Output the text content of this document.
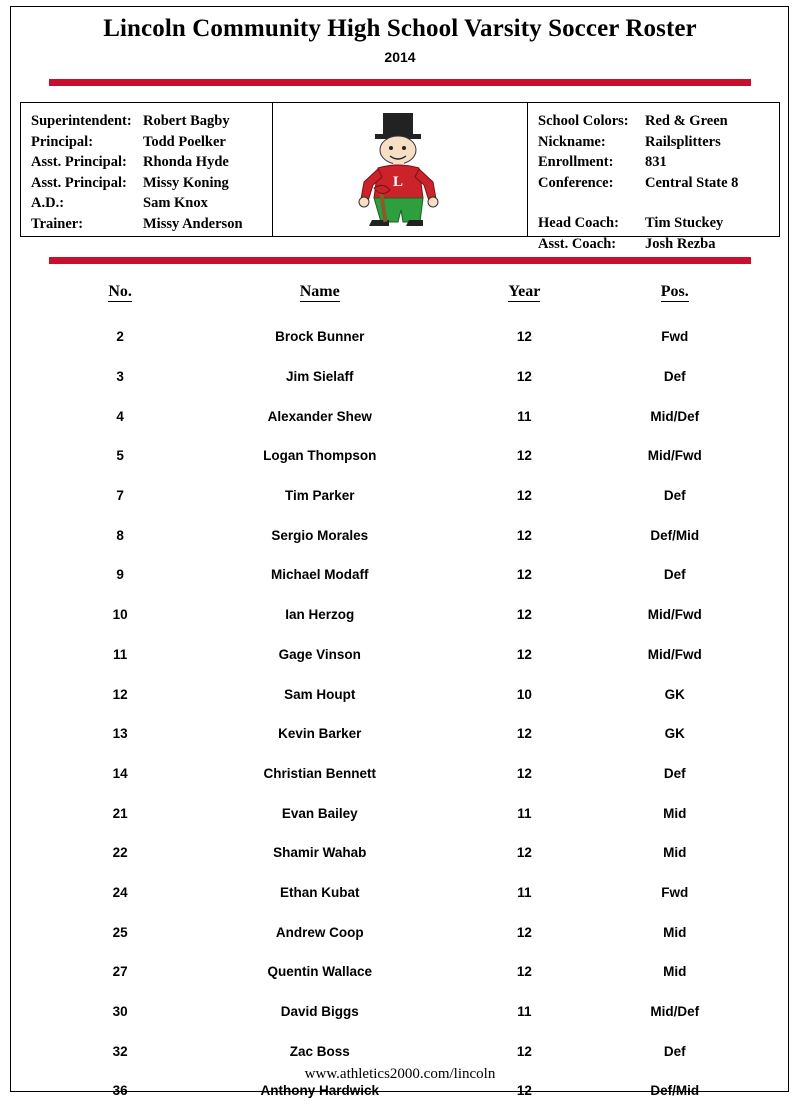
Lincoln Community High School Varsity Soccer Roster
2014
Superintendent: Robert Bagby
Principal:	Todd Poelker
Asst. Principal:	Rhonda Hyde
Asst. Principal:	Missy Koning
A.D.:	Sam Knox
Trainer:	Missy Anderson
L
School Colors:	Red & Green
Nickname:	Railsplitters
Enrollment:	831
Conference:	Central State 8
Head Coach:	Tim Stuckey
Asst. Coach:	Josh Rezba
No.	Name	Year	Pos.
2	Brock Bunner	12	Fwd
3	Jim Sielaff	12	Def
4	Alexander Shew	11	Mid/Def
5	Logan Thompson	12	Mid/Fwd
7	Tim Parker	12	Def
8	Sergio Morales	12	Def/Mid
9	Michael Modaff	12	Def
10	Ian Herzog	12	Mid/Fwd
11	Gage Vinson	12	Mid/Fwd
12	Sam Houpt	10	GK
13	Kevin Barker	12	GK
14	Christian Bennett	12	Def
21	Evan Bailey	11	Mid
22	Shamir Wahab	12	Mid
24	Ethan Kubat	11	Fwd
25	Andrew Coop	12	Mid
27	Quentin Wallace	12	Mid
30	David Biggs	11	Mid/Def
32	Zac Boss	12	Def
36	Anthony Hardwick	12	Def/Mid
www.athletics2000.com/lincoln
